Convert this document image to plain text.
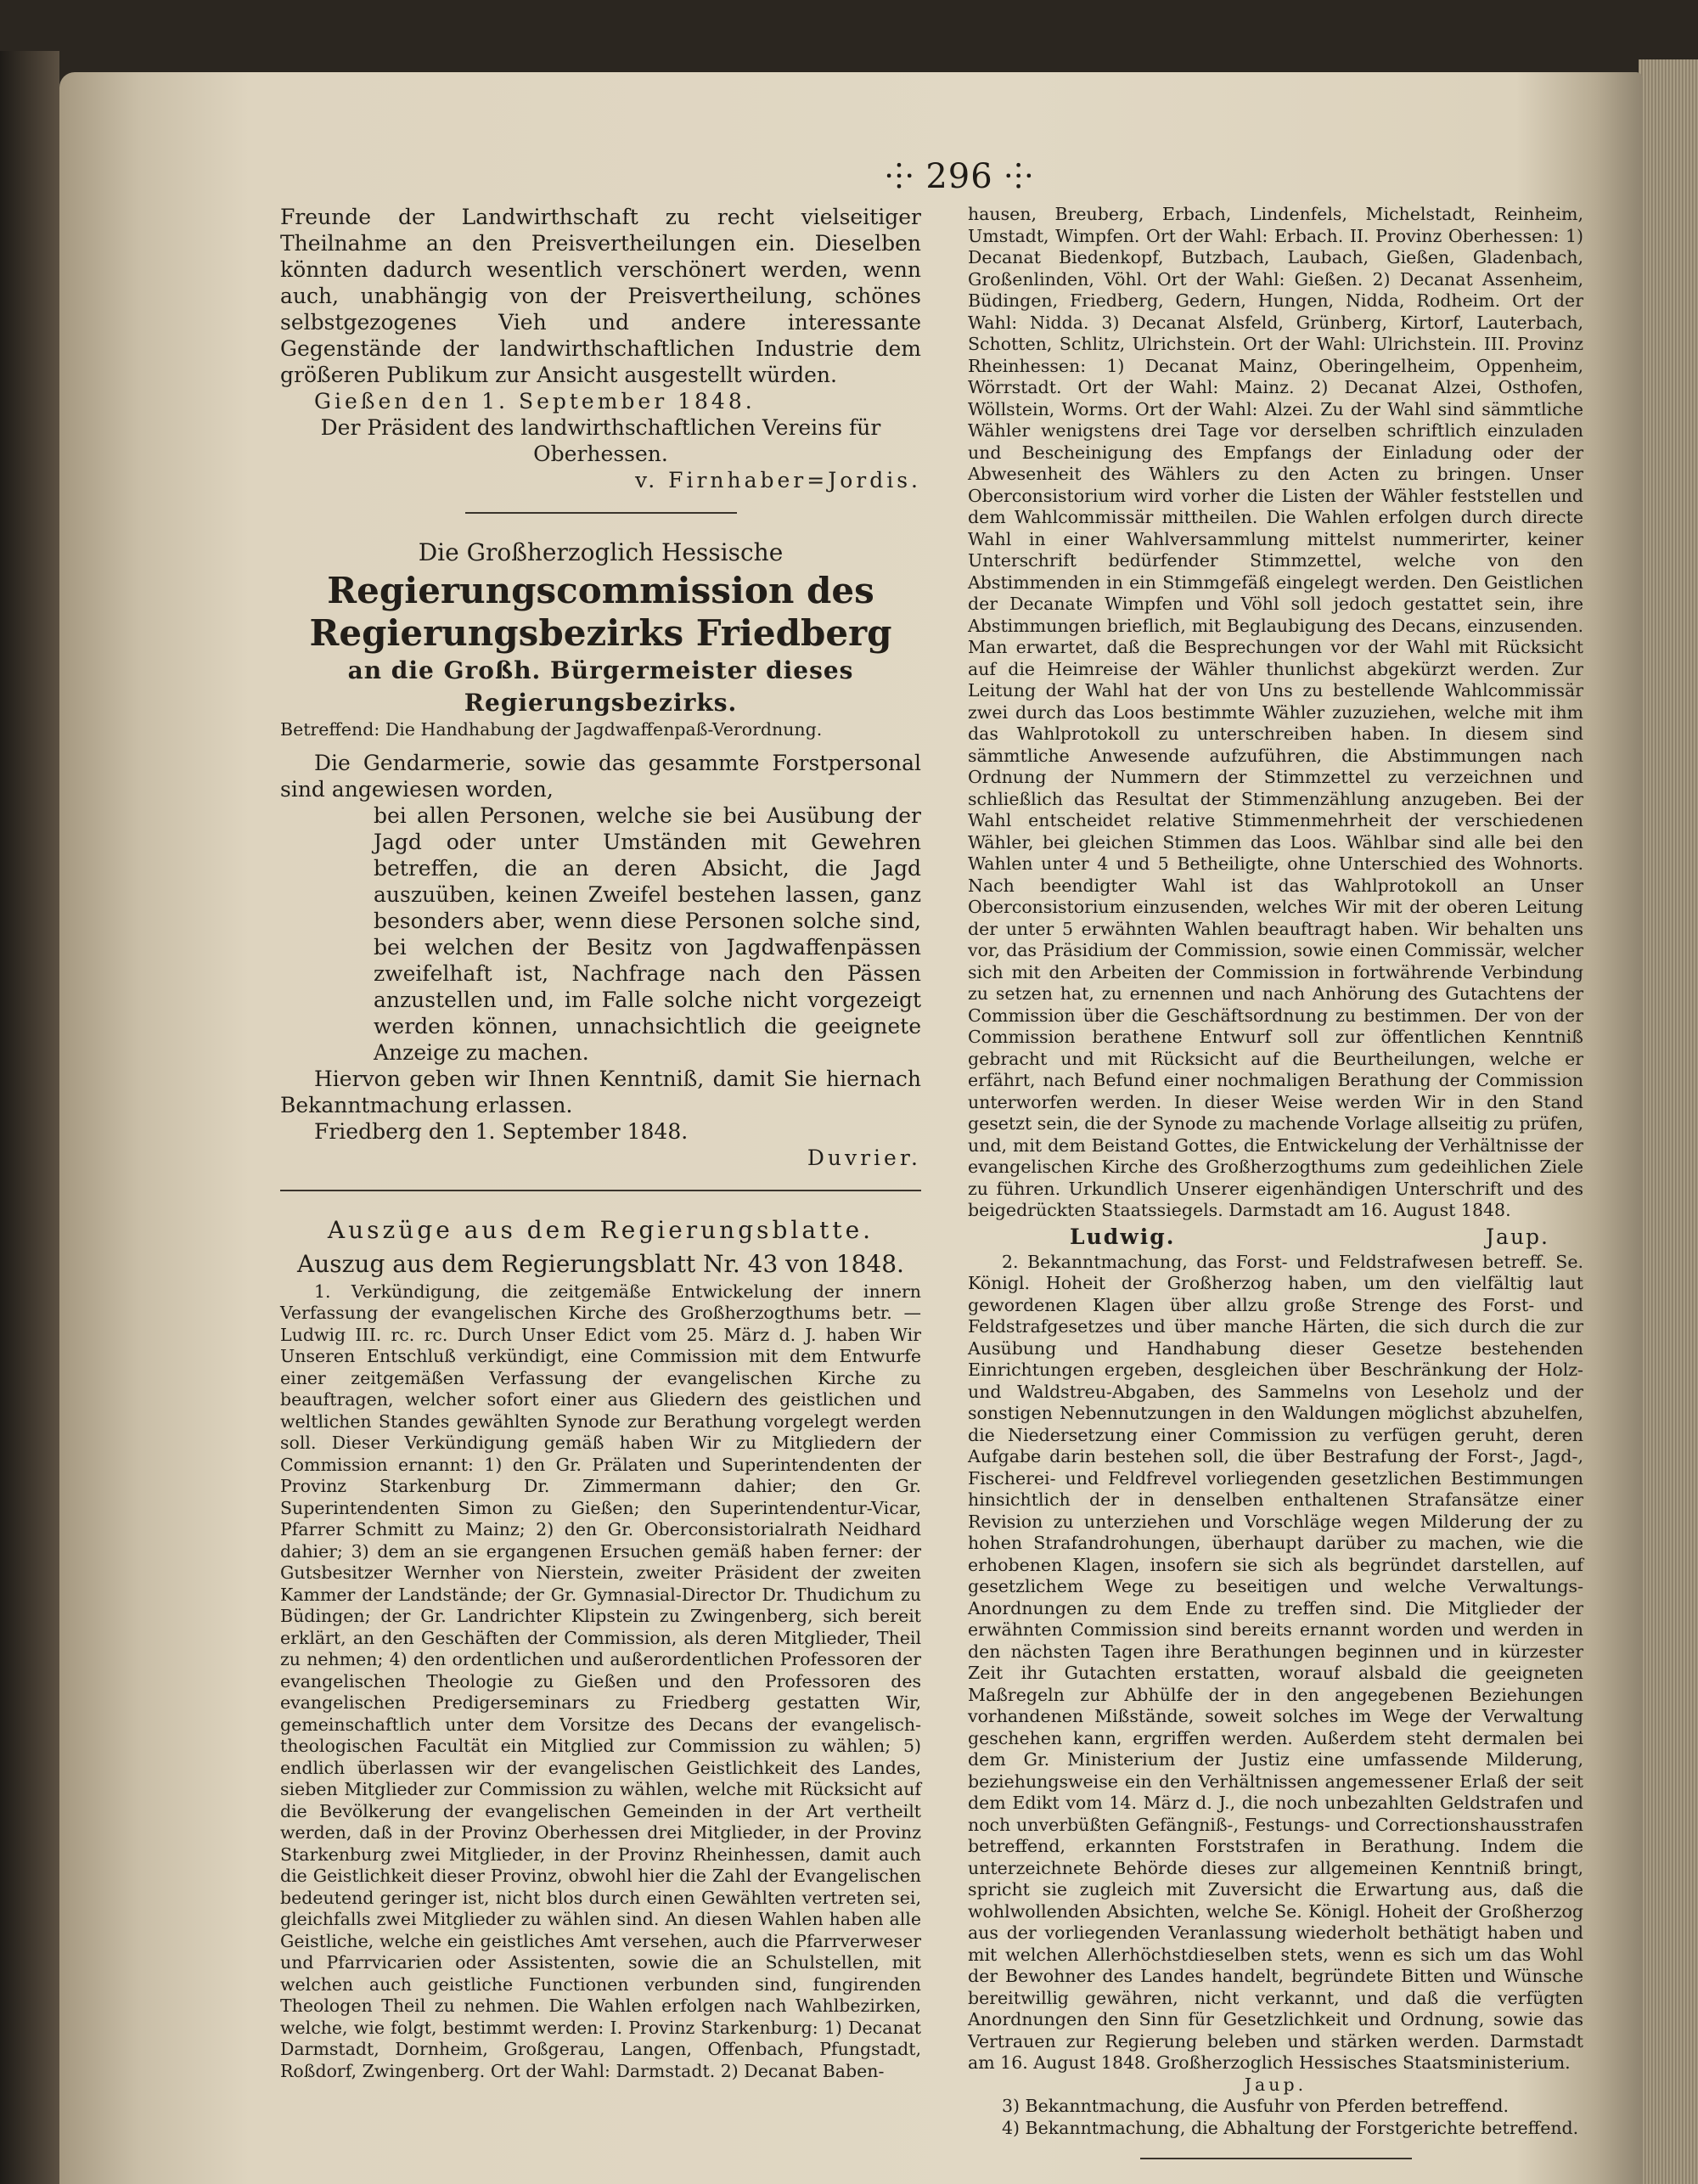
⸭ 296 ⸭

Freunde der Landwirthschaft zu recht vielseitiger Theilnahme an den Preisvertheilungen ein. Dieselben könnten dadurch wesentlich verschönert werden, wenn auch, unabhängig von der Preisvertheilung, schönes selbstgezogenes Vieh und andere interessante Gegenstände der landwirthschaftlichen Industrie dem größeren Publikum zur Ansicht ausgestellt würden.

Gießen den 1. September 1848.

Der Präsident des landwirthschaftlichen Vereins für Oberhessen.

v. Firnhaber=Jordis.

Die Großherzoglich Hessische
Regierungscommission des Regierungsbezirks Friedberg
an die Großh. Bürgermeister dieses Regierungsbezirks.

Betreffend: Die Handhabung der Jagdwaffenpaß-Verordnung.

Die Gendarmerie, sowie das gesammte Forstpersonal sind angewiesen worden,

bei allen Personen, welche sie bei Ausübung der Jagd oder unter Umständen mit Gewehren betreffen, die an deren Absicht, die Jagd auszuüben, keinen Zweifel bestehen lassen, ganz besonders aber, wenn diese Personen solche sind, bei welchen der Besitz von Jagdwaffenpässen zweifelhaft ist, Nachfrage nach den Pässen anzustellen und, im Falle solche nicht vorgezeigt werden können, unnachsichtlich die geeignete Anzeige zu machen.

Hiervon geben wir Ihnen Kenntniß, damit Sie hiernach Bekanntmachung erlassen.

Friedberg den 1. September 1848.

Duvrier.

Auszüge aus dem Regierungsblatte.
Auszug aus dem Regierungsblatt Nr. 43 von 1848.

1. Verkündigung, die zeitgemäße Entwickelung der innern Verfassung der evangelischen Kirche des Großherzogthums betr. — Ludwig III. rc. rc. Durch Unser Edict vom 25. März d. J. haben Wir Unseren Entschluß verkündigt, eine Commission mit dem Entwurfe einer zeitgemäßen Verfassung der evangelischen Kirche zu beauftragen, welcher sofort einer aus Gliedern des geistlichen und weltlichen Standes gewählten Synode zur Berathung vorgelegt werden soll. Dieser Verkündigung gemäß haben Wir zu Mitgliedern der Commission ernannt: 1) den Gr. Prälaten und Superintendenten der Provinz Starkenburg Dr. Zimmermann dahier; den Gr. Superintendenten Simon zu Gießen; den Superintendentur-Vicar, Pfarrer Schmitt zu Mainz; 2) den Gr. Oberconsistorialrath Neidhard dahier; 3) dem an sie ergangenen Ersuchen gemäß haben ferner: der Gutsbesitzer Wernher von Nierstein, zweiter Präsident der zweiten Kammer der Landstände; der Gr. Gymnasial-Director Dr. Thudichum zu Büdingen; der Gr. Landrichter Klipstein zu Zwingenberg, sich bereit erklärt, an den Geschäften der Commission, als deren Mitglieder, Theil zu nehmen; 4) den ordentlichen und außerordentlichen Professoren der evangelischen Theologie zu Gießen und den Professoren des evangelischen Predigerseminars zu Friedberg gestatten Wir, gemeinschaftlich unter dem Vorsitze des Decans der evangelisch-theologischen Facultät ein Mitglied zur Commission zu wählen; 5) endlich überlassen wir der evangelischen Geistlichkeit des Landes, sieben Mitglieder zur Commission zu wählen, welche mit Rücksicht auf die Bevölkerung der evangelischen Gemeinden in der Art vertheilt werden, daß in der Provinz Oberhessen drei Mitglieder, in der Provinz Starkenburg zwei Mitglieder, in der Provinz Rheinhessen, damit auch die Geistlichkeit dieser Provinz, obwohl hier die Zahl der Evangelischen bedeutend geringer ist, nicht blos durch einen Gewählten vertreten sei, gleichfalls zwei Mitglieder zu wählen sind. An diesen Wahlen haben alle Geistliche, welche ein geistliches Amt versehen, auch die Pfarrverweser und Pfarrvicarien oder Assistenten, sowie die an Schulstellen, mit welchen auch geistliche Functionen verbunden sind, fungirenden Theologen Theil zu nehmen. Die Wahlen erfolgen nach Wahlbezirken, welche, wie folgt, bestimmt werden: I. Provinz Starkenburg: 1) Decanat Darmstadt, Dornheim, Großgerau, Langen, Offenbach, Pfungstadt, Roßdorf, Zwingenberg. Ort der Wahl: Darmstadt. 2) Decanat Baben-

hausen, Breuberg, Erbach, Lindenfels, Michelstadt, Reinheim, Umstadt, Wimpfen. Ort der Wahl: Erbach. II. Provinz Oberhessen: 1) Decanat Biedenkopf, Butzbach, Laubach, Gießen, Gladenbach, Großenlinden, Vöhl. Ort der Wahl: Gießen. 2) Decanat Assenheim, Büdingen, Friedberg, Gedern, Hungen, Nidda, Rodheim. Ort der Wahl: Nidda. 3) Decanat Alsfeld, Grünberg, Kirtorf, Lauterbach, Schotten, Schlitz, Ulrichstein. Ort der Wahl: Ulrichstein. III. Provinz Rheinhessen: 1) Decanat Mainz, Oberingelheim, Oppenheim, Wörrstadt. Ort der Wahl: Mainz. 2) Decanat Alzei, Osthofen, Wöllstein, Worms. Ort der Wahl: Alzei. Zu der Wahl sind sämmtliche Wähler wenigstens drei Tage vor derselben schriftlich einzuladen und Bescheinigung des Empfangs der Einladung oder der Abwesenheit des Wählers zu den Acten zu bringen. Unser Oberconsistorium wird vorher die Listen der Wähler feststellen und dem Wahlcommissär mittheilen. Die Wahlen erfolgen durch directe Wahl in einer Wahlversammlung mittelst nummerirter, keiner Unterschrift bedürfender Stimmzettel, welche von den Abstimmenden in ein Stimmgefäß eingelegt werden. Den Geistlichen der Decanate Wimpfen und Vöhl soll jedoch gestattet sein, ihre Abstimmungen brieflich, mit Beglaubigung des Decans, einzusenden. Man erwartet, daß die Besprechungen vor der Wahl mit Rücksicht auf die Heimreise der Wähler thunlichst abgekürzt werden. Zur Leitung der Wahl hat der von Uns zu bestellende Wahlcommissär zwei durch das Loos bestimmte Wähler zuzuziehen, welche mit ihm das Wahlprotokoll zu unterschreiben haben. In diesem sind sämmtliche Anwesende aufzuführen, die Abstimmungen nach Ordnung der Nummern der Stimmzettel zu verzeichnen und schließlich das Resultat der Stimmenzählung anzugeben. Bei der Wahl entscheidet relative Stimmenmehrheit der verschiedenen Wähler, bei gleichen Stimmen das Loos. Wählbar sind alle bei den Wahlen unter 4 und 5 Betheiligte, ohne Unterschied des Wohnorts. Nach beendigter Wahl ist das Wahlprotokoll an Unser Oberconsistorium einzusenden, welches Wir mit der oberen Leitung der unter 5 erwähnten Wahlen beauftragt haben. Wir behalten uns vor, das Präsidium der Commission, sowie einen Commissär, welcher sich mit den Arbeiten der Commission in fortwährende Verbindung zu setzen hat, zu ernennen und nach Anhörung des Gutachtens der Commission über die Geschäftsordnung zu bestimmen. Der von der Commission berathene Entwurf soll zur öffentlichen Kenntniß gebracht und mit Rücksicht auf die Beurtheilungen, welche er erfährt, nach Befund einer nochmaligen Berathung der Commission unterworfen werden. In dieser Weise werden Wir in den Stand gesetzt sein, die der Synode zu machende Vorlage allseitig zu prüfen, und, mit dem Beistand Gottes, die Entwickelung der Verhältnisse der evangelischen Kirche des Großherzogthums zum gedeihlichen Ziele zu führen. Urkundlich Unserer eigenhändigen Unterschrift und des beigedrückten Staatssiegels. Darmstadt am 16. August 1848.

Ludwig.	Jaup.

2. Bekanntmachung, das Forst- und Feldstrafwesen betreff. Se. Königl. Hoheit der Großherzog haben, um den vielfältig laut gewordenen Klagen über allzu große Strenge des Forst- und Feldstrafgesetzes und über manche Härten, die sich durch die zur Ausübung und Handhabung dieser Gesetze bestehenden Einrichtungen ergeben, desgleichen über Beschränkung der Holz- und Waldstreu-Abgaben, des Sammelns von Leseholz und der sonstigen Nebennutzungen in den Waldungen möglichst abzuhelfen, die Niedersetzung einer Commission zu verfügen geruht, deren Aufgabe darin bestehen soll, die über Bestrafung der Forst-, Jagd-, Fischerei- und Feldfrevel vorliegenden gesetzlichen Bestimmungen hinsichtlich der in denselben enthaltenen Strafansätze einer Revision zu unterziehen und Vorschläge wegen Milderung der zu hohen Strafandrohungen, überhaupt darüber zu machen, wie die erhobenen Klagen, insofern sie sich als begründet darstellen, auf gesetzlichem Wege zu beseitigen und welche Verwaltungs-Anordnungen zu dem Ende zu treffen sind. Die Mitglieder der erwähnten Commission sind bereits ernannt worden und werden in den nächsten Tagen ihre Berathungen beginnen und in kürzester Zeit ihr Gutachten erstatten, worauf alsbald die geeigneten Maßregeln zur Abhülfe der in den angegebenen Beziehungen vorhandenen Mißstände, soweit solches im Wege der Verwaltung geschehen kann, ergriffen werden. Außerdem steht dermalen bei dem Gr. Ministerium der Justiz eine umfassende Milderung, beziehungsweise ein den Verhältnissen angemessener Erlaß der seit dem Edikt vom 14. März d. J., die noch unbezahlten Geldstrafen und noch unverbüßten Gefängniß-, Festungs- und Correctionshausstrafen betreffend, erkannten Forststrafen in Berathung. Indem die unterzeichnete Behörde dieses zur allgemeinen Kenntniß bringt, spricht sie zugleich mit Zuversicht die Erwartung aus, daß die wohlwollenden Absichten, welche Se. Königl. Hoheit der Großherzog aus der vorliegenden Veranlassung wiederholt bethätigt haben und mit welchen Allerhöchstdieselben stets, wenn es sich um das Wohl der Bewohner des Landes handelt, begründete Bitten und Wünsche bereitwillig gewähren, nicht verkannt, und daß die verfügten Anordnungen den Sinn für Gesetzlichkeit und Ordnung, sowie das Vertrauen zur Regierung beleben und stärken werden. Darmstadt am 16. August 1848. Großherzoglich Hessisches Staatsministerium.

Jaup.

3) Bekanntmachung, die Ausfuhr von Pferden betreffend.

4) Bekanntmachung, die Abhaltung der Forstgerichte betreffend.
